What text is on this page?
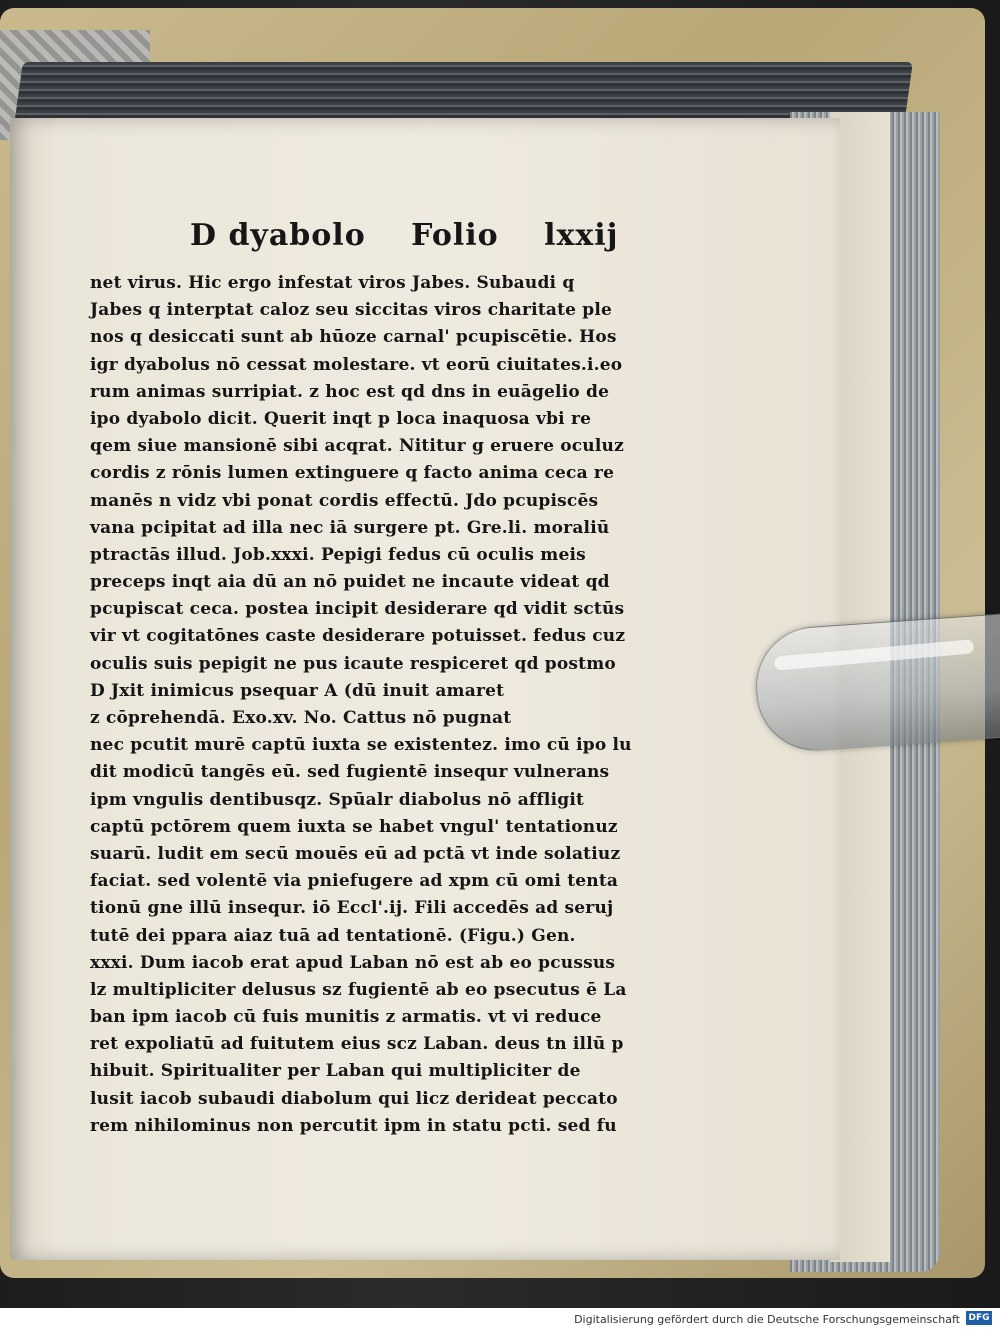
D dyabolo Folio lxxij
net virus. Hic ergo infestat viros Jabes. Subaudi q
Jabes q interptat caloz seu siccitas viros charitate ple
nos q desiccati sunt ab hūoze carnal' pcupiscētie. Hos
igr dyabolus nō cessat molestare. vt eorū ciuitates.i.eo
rum animas surripiat. z hoc est qd dns in euāgelio de
ipo dyabolo dicit. Querit inqt p loca inaquosa vbi re
qem siue mansionē sibi acqrat. Nititur g eruere oculuz
cordis z rōnis lumen extinguere q facto anima ceca re
manēs n vidz vbi ponat cordis effectū. Jdo pcupiscēs
vana pcipitat ad illa nec iā surgere pt. Gre.li. moraliū
ptractās illud. Job.xxxi. Pepigi fedus cū oculis meis
preceps inqt aia dū an nō puidet ne incaute videat qd
pcupiscat ceca. postea incipit desiderare qd vidit sctūs
vir vt cogitatōnes caste desiderare potuisset. fedus cuz
oculis suis pepigit ne pus icaute respiceret qd postmo
D Jxit inimicus psequar A (dū inuit amaret
z cōprehendā. Exo.xv. No. Cattus nō pugnat
nec pcutit murē captū iuxta se existentez. imo cū ipo lu
dit modicū tangēs eū. sed fugientē insequr vulnerans
ipm vngulis dentibusqz. Spūalr diabolus nō affligit
captū pctōrem quem iuxta se habet vngul' tentationuz
suarū. ludit em secū mouēs eū ad pctā vt inde solatiuz
faciat. sed volentē via pniefugere ad xpm cū omi tenta
tionū gne illū insequr. iō Eccl'.ij. Fili accedēs ad seruj
tutē dei ppara aiaz tuā ad tentationē. (Figu.) Gen.
xxxi. Dum iacob erat apud Laban nō est ab eo pcussus
lz multipliciter delusus sz fugientē ab eo psecutus ē La
ban ipm iacob cū fuis munitis z armatis. vt vi reduce
ret expoliatū ad fuitutem eius scz Laban. deus tn illū p
hibuit. Spiritualiter per Laban qui multipliciter de
lusit iacob subaudi diabolum qui licz derideat peccato
rem nihilominus non percutit ipm in statu pcti. sed fu
Digitalisierung gefördert durch die Deutsche Forschungsgemeinschaft DFG
